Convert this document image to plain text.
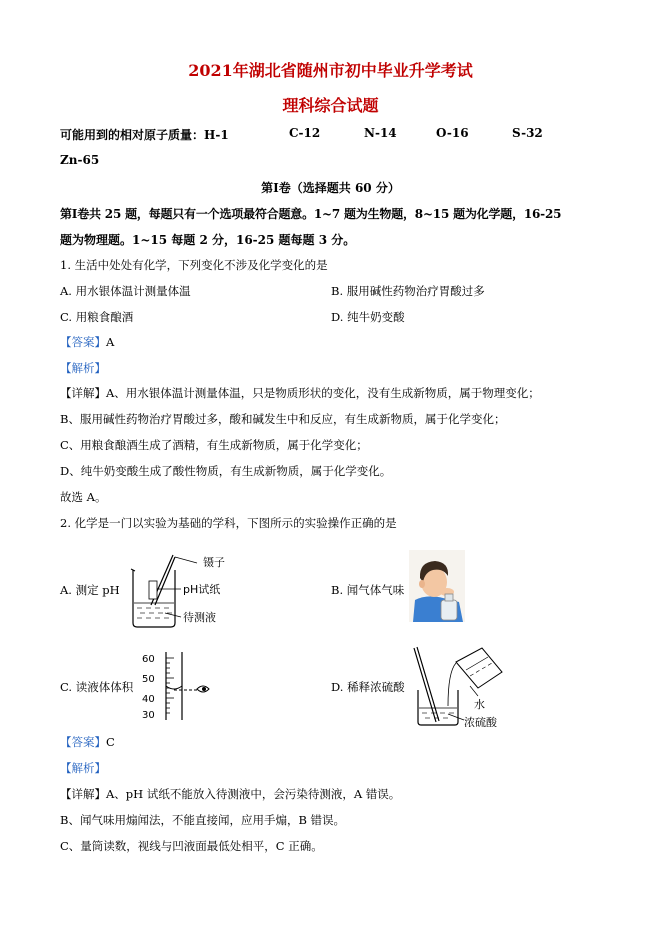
2021年湖北省随州市初中毕业升学考试
理科综合试题
可能用到的相对原子质量：H-1	C-12	N-14	O-16	S-32
Zn-65
第Ⅰ卷（选择题共 60 分）
第Ⅰ卷共 25 题，每题只有一个选项最符合题意。1~7 题为生物题，8~15 题为化学题，16-25
题为物理题。1~15 每题 2 分，16-25 题每题 3 分。
1. 生活中处处有化学，下列变化不涉及化学变化的是
A. 用水银体温计测量体温	B. 服用碱性药物治疗胃酸过多
C. 用粮食酿酒	D. 纯牛奶变酸
【答案】A
【解析】
【详解】A、用水银体温计测量体温，只是物质形状的变化，没有生成新物质，属于物理变化；
B、服用碱性药物治疗胃酸过多，酸和碱发生中和反应，有生成新物质，属于化学变化；
C、用粮食酿酒生成了酒精，有生成新物质，属于化学变化；
D、纯牛奶变酸生成了酸性物质，有生成新物质，属于化学变化。
故选 A。
2. 化学是一门以实验为基础的学科，下图所示的实验操作正确的是
A. 测定 pH
镊子
pH试纸
待测液
B. 闻气体气味
C. 读液体体积
60
50
40
30
D. 稀释浓硫酸
水
浓硫酸
【答案】C
【解析】
【详解】A、pH 试纸不能放入待测液中，会污染待测液，A 错误。
B、闻气味用煽闻法，不能直接闻，应用手煽，B 错误。
C、量筒读数，视线与凹液面最低处相平，C 正确。
